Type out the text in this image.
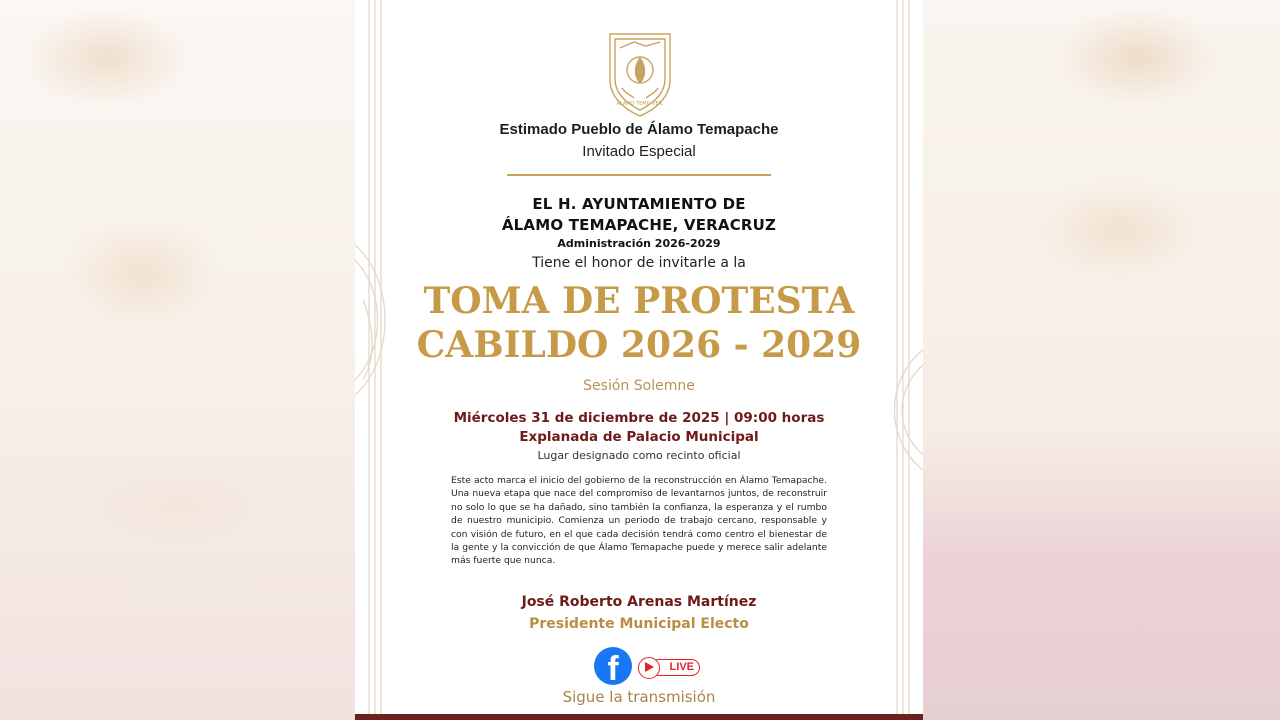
ÁLAMO TEMP. VER.
Estimado Pueblo de Álamo Temapache
Invitado Especial
EL H. AYUNTAMIENTO DE
ÁLAMO TEMAPACHE, VERACRUZ
Administración 2026-2029
Tiene el honor de invitarle a la
TOMA DE PROTESTA
CABILDO 2026 - 2029
Sesión Solemne
Miércoles 31 de diciembre de 2025 | 09:00 horas
Explanada de Palacio Municipal
Lugar designado como recinto oficial
Este acto marca el inicio del gobierno de la reconstrucción en Álamo Temapache. Una nueva etapa que nace del compromiso de levantarnos juntos, de reconstruir no solo lo que se ha dañado, sino también la confianza, la esperanza y el rumbo de nuestro municipio. Comienza un periodo de trabajo cercano, responsable y con visión de futuro, en el que cada decisión tendrá como centro el bienestar de la gente y la convicción de que Álamo Temapache puede y merece salir adelante más fuerte que nunca.
José Roberto Arenas Martínez
Presidente Municipal Electo
f	LIVE
Sigue la transmisión
